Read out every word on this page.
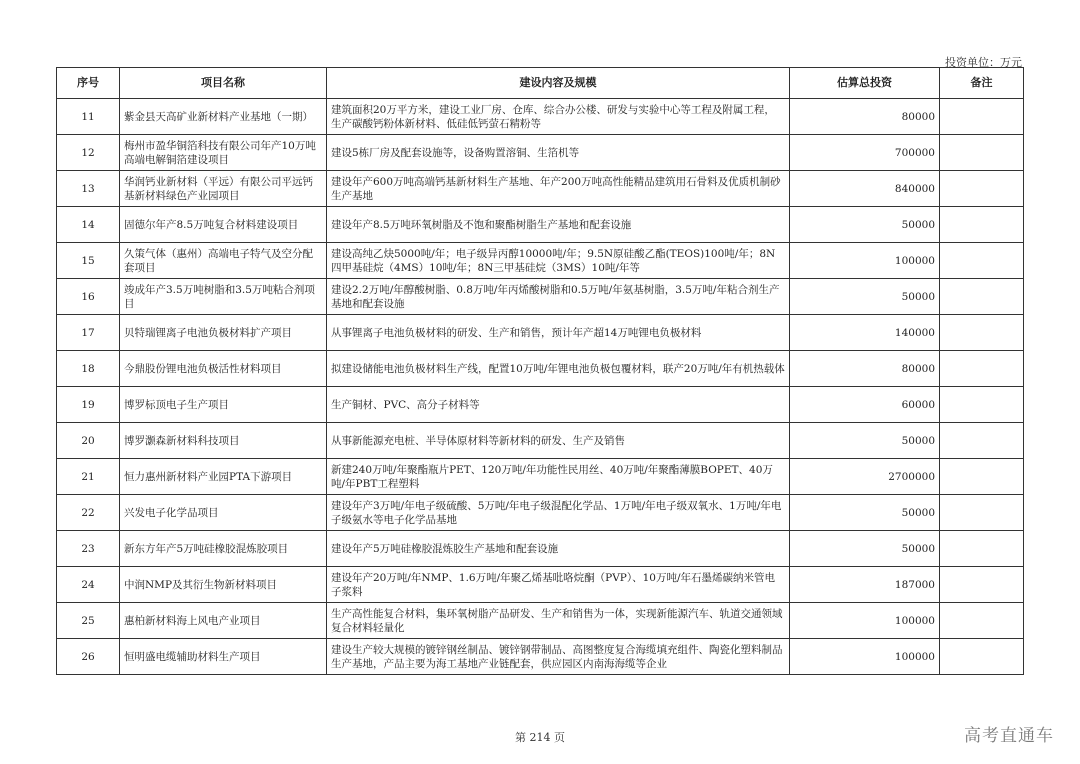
投资单位：万元
序号	项目名称	建设内容及规模	估算总投资	备注
11	紫金县天高矿业新材料产业基地（一期）	建筑面积20万平方米，建设工业厂房、仓库、综合办公楼、研发与实验中心等工程及附属工程，生产碳酸钙粉体新材料、低硅低钙萤石精粉等	80000	
12	梅州市盈华铜箔科技有限公司年产10万吨高端电解铜箔建设项目	建设5栋厂房及配套设施等，设备购置溶铜、生箔机等	700000	
13	华润钙业新材料（平远）有限公司平远钙基新材料绿色产业园项目	建设年产600万吨高端钙基新材料生产基地、年产200万吨高性能精品建筑用石骨料及优质机制砂生产基地	840000	
14	固德尔年产8.5万吨复合材料建设项目	建设年产8.5万吨环氧树脂及不饱和聚酯树脂生产基地和配套设施	50000	
15	久策气体（惠州）高端电子特气及空分配套项目	建设高纯乙炔5000吨/年；电子级异丙醇10000吨/年；9.5N原硅酸乙酯(TEOS)100吨/年；8N四甲基硅烷（4MS）10吨/年；8N三甲基硅烷（3MS）10吨/年等	100000	
16	竣成年产3.5万吨树脂和3.5万吨粘合剂项目	建设2.2万吨/年醇酸树脂、0.8万吨/年丙烯酸树脂和0.5万吨/年氨基树脂，3.5万吨/年粘合剂生产基地和配套设施	50000	
17	贝特瑞锂离子电池负极材料扩产项目	从事锂离子电池负极材料的研发、生产和销售，预计年产超14万吨锂电负极材料	140000	
18	今鼎股份锂电池负极活性材料项目	拟建设储能电池负极材料生产线，配置10万吨/年锂电池负极包覆材料，联产20万吨/年有机热载体	80000	
19	博罗标顶电子生产项目	生产铜材、PVC、高分子材料等	60000	
20	博罗灏森新材料科技项目	从事新能源充电桩、半导体原材料等新材料的研发、生产及销售	50000	
21	恒力惠州新材料产业园PTA下游项目	新建240万吨/年聚酯瓶片PET、120万吨/年功能性民用丝、40万吨/年聚酯薄膜BOPET、40万吨/年PBT工程塑料	2700000	
22	兴发电子化学品项目	建设年产3万吨/年电子级硫酸、5万吨/年电子级混配化学品、1万吨/年电子级双氧水、1万吨/年电子级氨水等电子化学品基地	50000	
23	新东方年产5万吨硅橡胶混炼胶项目	建设年产5万吨硅橡胶混炼胶生产基地和配套设施	50000	
24	中润NMP及其衍生物新材料项目	建设年产20万吨/年NMP、1.6万吨/年聚乙烯基吡咯烷酮（PVP）、10万吨/年石墨烯碳纳米管电子浆料	187000	
25	惠柏新材料海上风电产业项目	生产高性能复合材料，集环氧树脂产品研发、生产和销售为一体，实现新能源汽车、轨道交通领域复合材料轻量化	100000	
26	恒明盛电缆辅助材料生产项目	建设生产较大规模的镀锌钢丝制品、镀锌钢带制品、高图整度复合海缆填充组件、陶瓷化塑料制品生产基地，产品主要为海工基地产业链配套，供应园区内南海海缆等企业	100000	
第 214 页	高考直通车
